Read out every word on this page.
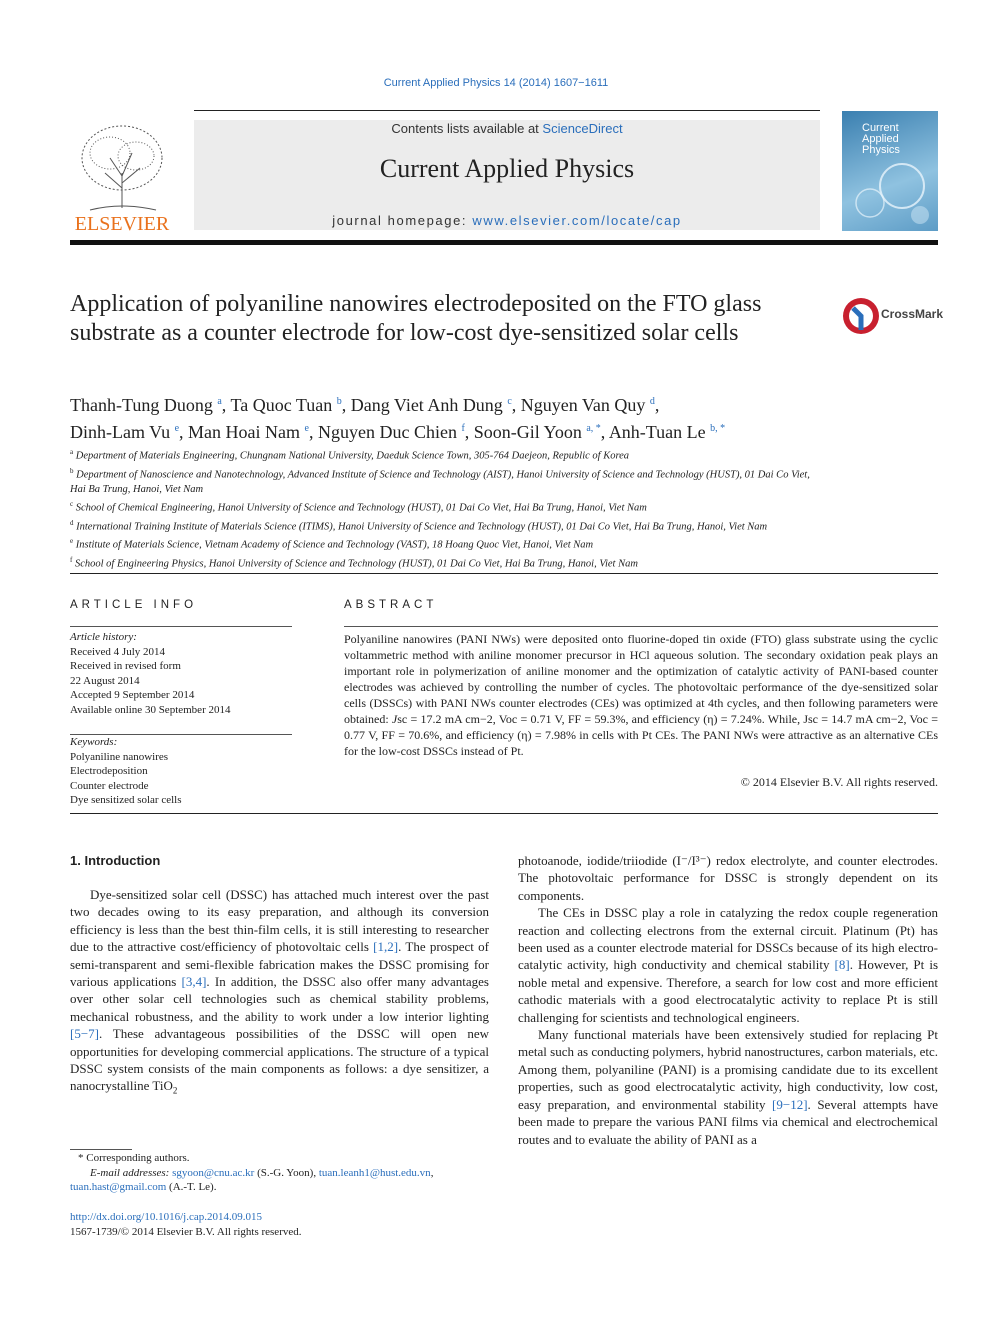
Current Applied Physics 14 (2014) 1607−1611
ELSEVIER
Contents lists available at ScienceDirect
Current Applied Physics
journal homepage: www.elsevier.com/locate/cap
Current Applied Physics
Application of polyaniline nanowires electrodeposited on the FTO glass substrate as a counter electrode for low-cost dye-sensitized solar cells
CrossMark
Thanh-Tung Duong $^a$, Ta Quoc Tuan $^b$, Dang Viet Anh Dung $^c$, Nguyen Van Quy $^d$,
Dinh-Lam Vu $^e$, Man Hoai Nam $^e$, Nguyen Duc Chien $^f$, Soon-Gil Yoon $^{a, *}$, Anh-Tuan Le $^{b, *}$
$^a$ Department of Materials Engineering, Chungnam National University, Daeduk Science Town, 305-764 Daejeon, Republic of Korea
$^b$ Department of Nanoscience and Nanotechnology, Advanced Institute of Science and Technology (AIST), Hanoi University of Science and Technology (HUST), 01 Dai Co Viet, Hai Ba Trung, Hanoi, Viet Nam
$^c$ School of Chemical Engineering, Hanoi University of Science and Technology (HUST), 01 Dai Co Viet, Hai Ba Trung, Hanoi, Viet Nam
$^d$ International Training Institute of Materials Science (ITIMS), Hanoi University of Science and Technology (HUST), 01 Dai Co Viet, Hai Ba Trung, Hanoi, Viet Nam
$^e$ Institute of Materials Science, Vietnam Academy of Science and Technology (VAST), 18 Hoang Quoc Viet, Hanoi, Viet Nam
$^f$ School of Engineering Physics, Hanoi University of Science and Technology (HUST), 01 Dai Co Viet, Hai Ba Trung, Hanoi, Viet Nam
ARTICLE INFO	ABSTRACT
Article history:
Received 4 July 2014
Received in revised form
22 August 2014
Accepted 9 September 2014
Available online 30 September 2014
Keywords:
Polyaniline nanowires
Electrodeposition
Counter electrode
Dye sensitized solar cells
Polyaniline nanowires (PANI NWs) were deposited onto fluorine-doped tin oxide (FTO) glass substrate using the cyclic voltammetric method with aniline monomer precursor in HCl aqueous solution. The secondary oxidation peak plays an important role in polymerization of aniline monomer and the optimization of catalytic activity of PANI-based counter electrodes was achieved by controlling the number of cycles. The photovoltaic performance of the dye-sensitized solar cells (DSSCs) with PANI NWs counter electrodes (CEs) was optimized at 4th cycles, and then following parameters were obtained: Jsc = 17.2 mA cm−2, Voc = 0.71 V, FF = 59.3%, and efficiency (η) = 7.24%. While, Jsc = 14.7 mA cm−2, Voc = 0.77 V, FF = 70.6%, and efficiency (η) = 7.98% in cells with Pt CEs. The PANI NWs were attractive as an alternative CEs for the low-cost DSSCs instead of Pt.
© 2014 Elsevier B.V. All rights reserved.
1. Introduction
Dye-sensitized solar cell (DSSC) has attached much interest over the past two decades owing to its easy preparation, and although its conversion efficiency is less than the best thin-film cells, it is still interesting to researcher due to the attractive cost/efficiency of photovoltaic cells [1,2]. The prospect of semi-transparent and semi-flexible fabrication makes the DSSC promising for various applications [3,4]. In addition, the DSSC also offer many advantages over other solar cell technologies such as chemical stability problems, mechanical robustness, and the ability to work under a low interior lighting [5−7]. These advantageous possibilities of the DSSC will open new opportunities for developing commercial applications. The structure of a typical DSSC system consists of the main components as follows: a dye sensitizer, a nanocrystalline TiO$_2$

photoanode, iodide/triiodide (I⁻/I³⁻) redox electrolyte, and counter electrodes. The photovoltaic performance for DSSC is strongly dependent on its components.

The CEs in DSSC play a role in catalyzing the redox couple regeneration reaction and collecting electrons from the external circuit. Platinum (Pt) has been used as a counter electrode material for DSSCs because of its high electro-catalytic activity, high conductivity and chemical stability [8]. However, Pt is noble metal and expensive. Therefore, a search for low cost and more efficient cathodic materials with a good electrocatalytic activity to replace Pt is still challenging for scientists and technological engineers.

Many functional materials have been extensively studied for replacing Pt metal such as conducting polymers, hybrid nanostructures, carbon materials, etc. Among them, polyaniline (PANI) is a promising candidate due to its excellent properties, such as good electrocatalytic activity, high conductivity, low cost, easy preparation, and environmental stability [9−12]. Several attempts have been made to prepare the various PANI films via chemical and electrochemical routes and to evaluate the ability of PANI as a

* Corresponding authors.
E-mail addresses: sgyoon@cnu.ac.kr (S.-G. Yoon), tuan.leanh1@hust.edu.vn,
tuan.hast@gmail.com (A.-T. Le).
http://dx.doi.org/10.1016/j.cap.2014.09.015
1567-1739/© 2014 Elsevier B.V. All rights reserved.
